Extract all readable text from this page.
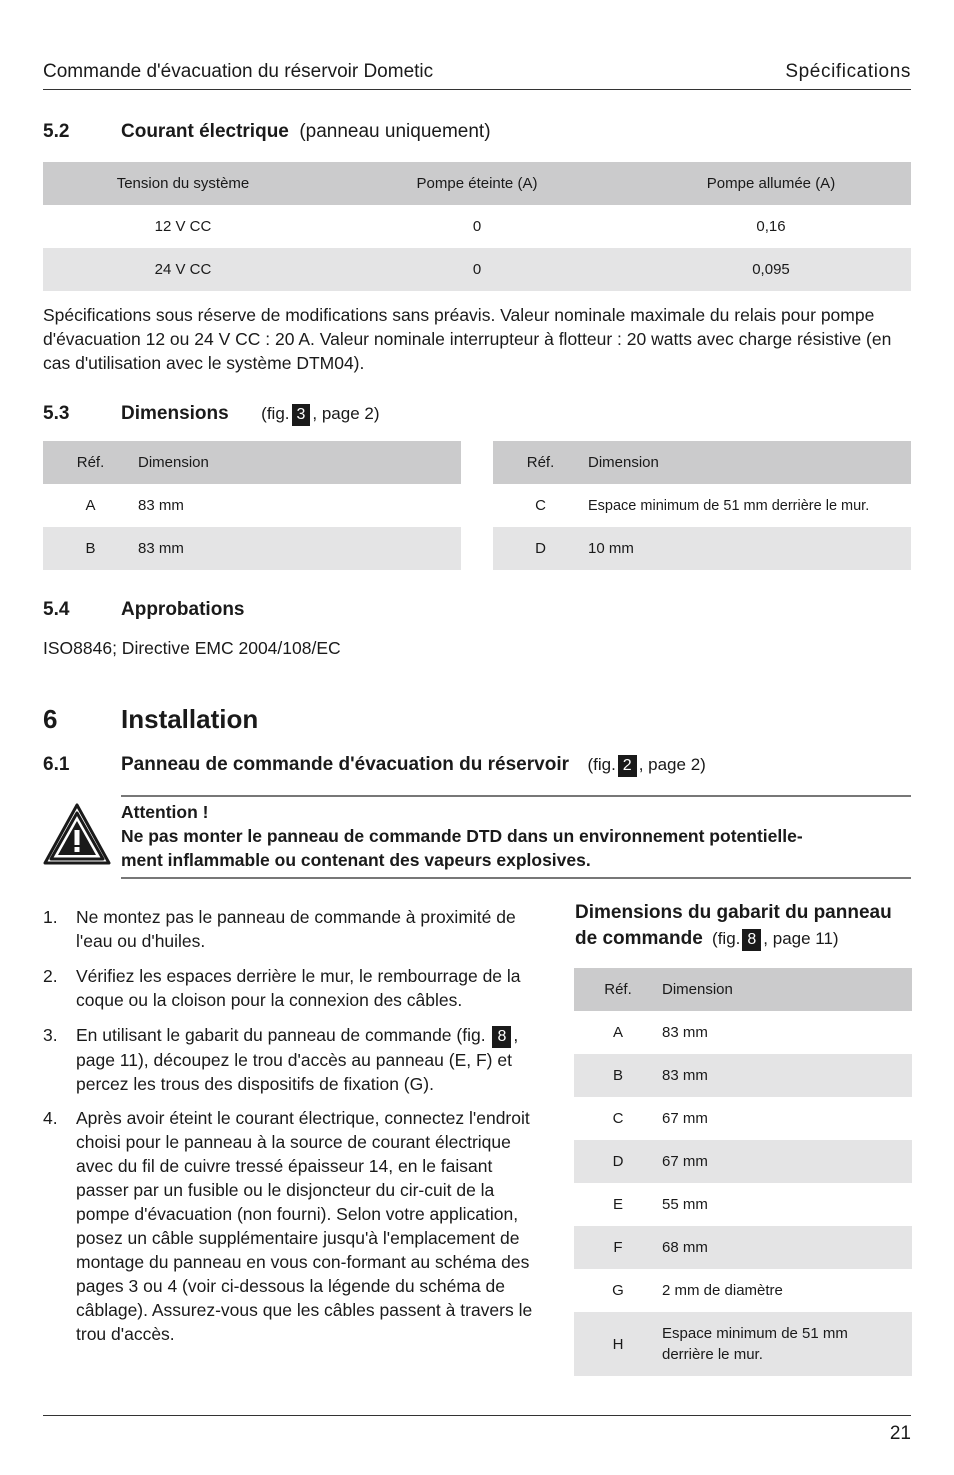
Commande d'évacuation du réservoir Dometic	Spécifications
5.2	Courant électrique (panneau uniquement)
Tension du système	Pompe éteinte (A)	Pompe allumée (A)
12 V CC	0	0,16
24 V CC	0	0,095

Spécifications sous réserve de modifications sans préavis. Valeur nominale maximale du relais pour pompe d'évacuation 12 ou 24 V CC : 20 A. Valeur nominale interrupteur à flotteur : 20 watts avec charge résistive (en cas d'utilisation avec le système DTM04).

5.3	Dimensions (fig. 3 , page 2)
Réf.	Dimension
A	83 mm
B	83 mm
Réf.	Dimension
C	Espace minimum de 51 mm derrière le mur.
D	10 mm
5.4	Approbations

ISO8846; Directive EMC 2004/108/EC

6 Installation
6.1	Panneau de commande d'évacuation du réservoir (fig. 2 , page 2)
Attention !
Ne pas monter le panneau de commande DTD dans un environnement potentielle-
ment inflammable ou contenant des vapeurs explosives.
1. Ne montez pas le panneau de commande à proximité de l'eau ou d'huiles.
2. Vérifiez les espaces derrière le mur, le rembourrage de la coque ou la cloison pour la connexion des câbles.
3. En utilisant le gabarit du panneau de commande (fig. 8 , page 11), découpez le trou d'accès au panneau (E, F) et percez les trous des dispositifs de fixation (G).
4. Après avoir éteint le courant électrique, connectez l'endroit choisi pour le panneau à la source de courant électrique avec du fil de cuivre tressé épaisseur 14, en le faisant passer par un fusible ou le disjoncteur du cir-cuit de la pompe d'évacuation (non fourni). Selon votre application, posez un câble supplémentaire jusqu'à l'emplacement de montage du panneau en vous con-formant au schéma des pages 3 ou 4 (voir ci-dessous la légende du schéma de câblage). Assurez-vous que les câbles passent à travers le trou d'accès.
Dimensions du gabarit du panneau
de commande (fig. 8 , page 11)
Réf.	Dimension
A	83 mm
B	83 mm
C	67 mm
D	67 mm
E	55 mm
F	68 mm
G	2 mm de diamètre
H	Espace minimum de 51 mm derrière le mur.
21
